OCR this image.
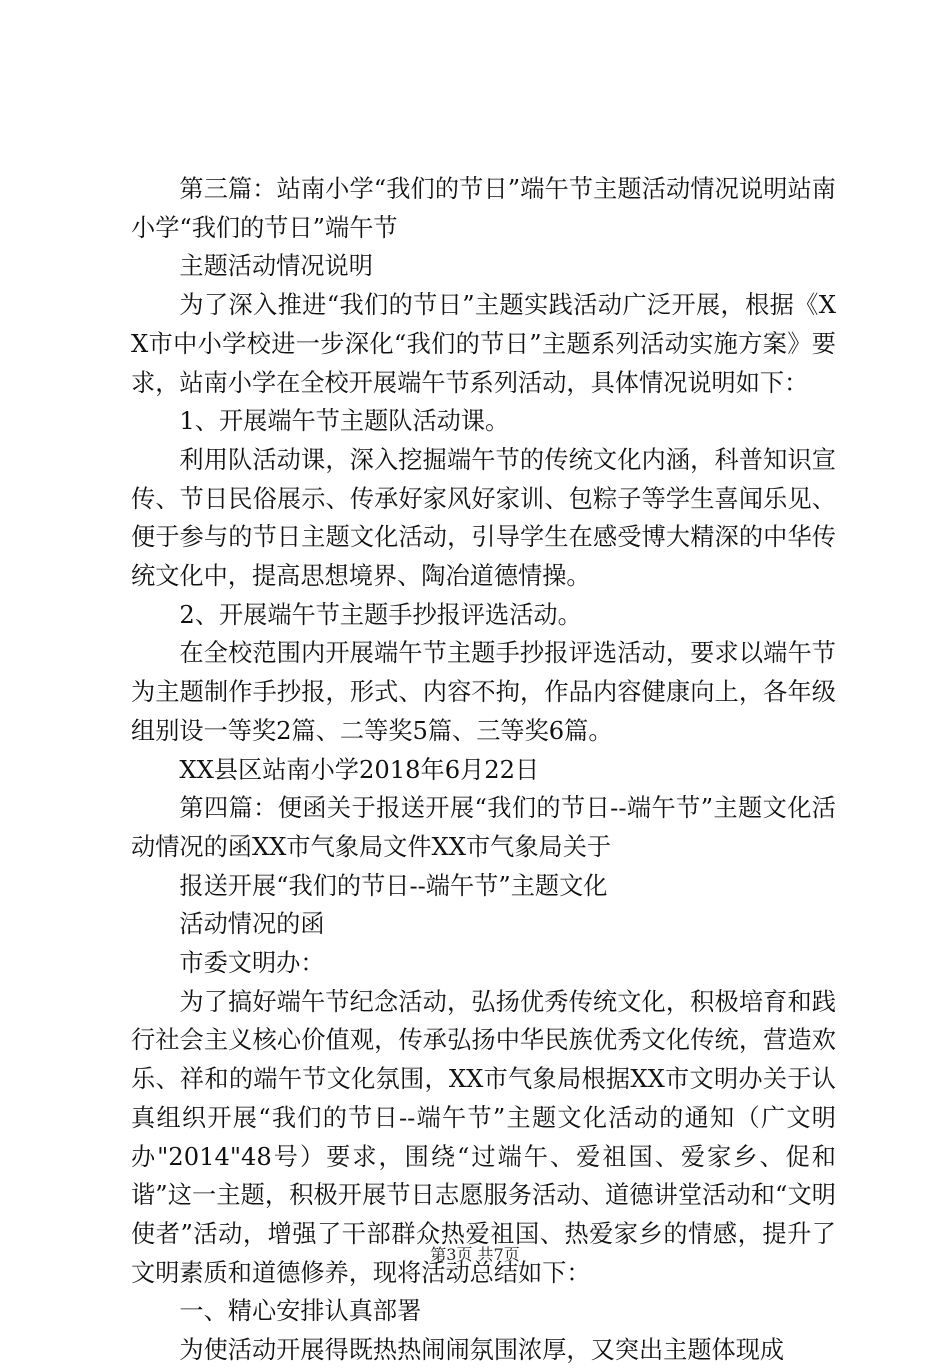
第三篇：站南小学“我们的节日”端午节主题活动情况说明站南小学“我们的节日”端午节

主题活动情况说明

为了深入推进“我们的节日”主题实践活动广泛开展，根据《XX市中小学校进一步深化“我们的节日”主题系列活动实施方案》要求，站南小学在全校开展端午节系列活动，具体情况说明如下：

1、开展端午节主题队活动课。

利用队活动课，深入挖掘端午节的传统文化内涵，科普知识宣传、节日民俗展示、传承好家风好家训、包粽子等学生喜闻乐见、便于参与的节日主题文化活动，引导学生在感受博大精深的中华传统文化中，提高思想境界、陶冶道德情操。

2、开展端午节主题手抄报评选活动。

在全校范围内开展端午节主题手抄报评选活动，要求以端午节为主题制作手抄报，形式、内容不拘，作品内容健康向上，各年级组别设一等奖2篇、二等奖5篇、三等奖6篇。

XX县区站南小学2018年6月22日

第四篇：便函关于报送开展“我们的节日--端午节”主题文化活动情况的函XX市气象局文件XX市气象局关于

报送开展“我们的节日--端午节”主题文化

活动情况的函

市委文明办：

为了搞好端午节纪念活动，弘扬优秀传统文化，积极培育和践行社会主义核心价值观，传承弘扬中华民族优秀文化传统，营造欢乐、祥和的端午节文化氛围，XX市气象局根据XX市文明办关于认真组织开展“我们的节日--端午节”主题文化活动的通知（广文明办"2014"48号）要求，围绕“过端午、爱祖国、爱家乡、促和谐”这一主题，积极开展节日志愿服务活动、道德讲堂活动和“文明使者”活动，增强了干部群众热爱祖国、热爱家乡的情感，提升了文明素质和道德修养，现将活动总结如下：

一、精心安排认真部署

为使活动开展得既热热闹闹氛围浓厚，又突出主题体现成

第3页 共7页
